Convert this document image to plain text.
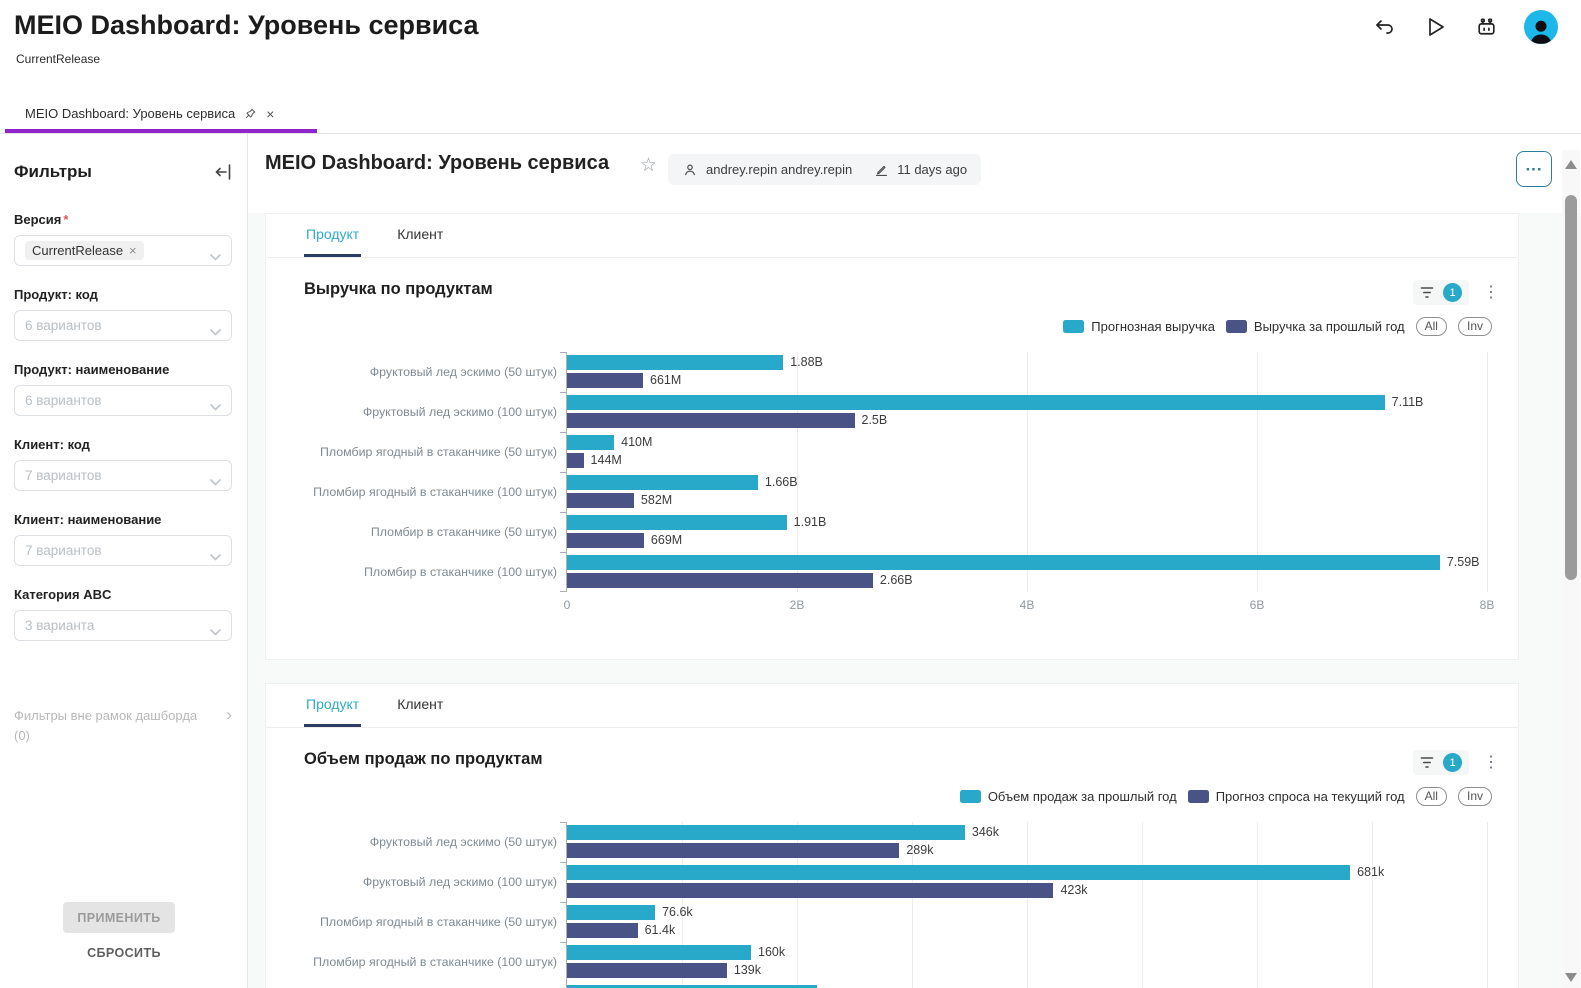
MEIO Dashboard: Уровень сервиса
CurrentRelease
MEIO Dashboard: Уровень сервиса ×
Фильтры
Версия *
CurrentRelease ×
Продукт: код
6 вариантов
Продукт: наименование
6 вариантов
Клиент: код
7 вариантов
Клиент: наименование
7 вариантов
Категория ABC
3 варианта
Фильтры вне рамок дашборда ›
(0)
ПРИМЕНИТЬ
СБРОСИТЬ
MEIO Dashboard: Уровень сервиса ☆	andrey.repin andrey.repin	11 days ago	···
Продукт	Клиент
Выручка по продуктам	1	⋮
Прогнозная выручка	Выручка за прошлый год	All	Inv
Фруктовый лед эскимо (50 штук)
1.88B
661M
Фруктовый лед эскимо (100 штук)
7.11B
2.5B
Пломбир ягодный в стаканчике (50 штук)
410M
144M
Пломбир ягодный в стаканчике (100 штук)
1.66B
582M
Пломбир в стаканчике (50 штук)
1.91B
669M
Пломбир в стаканчике (100 штук)
7.59B
2.66B
0	2B	4B	6B	8B
Продукт	Клиент
Объем продаж по продуктам	1	⋮
Объем продаж за прошлый год	Прогноз спроса на текущий год	All	Inv
Фруктовый лед эскимо (50 штук)
346k
289k
Фруктовый лед эскимо (100 штук)
681k
423k
Пломбир ягодный в стаканчике (50 штук)
76.6k
61.4k
Пломбир ягодный в стаканчике (100 штук)
160k
139k
